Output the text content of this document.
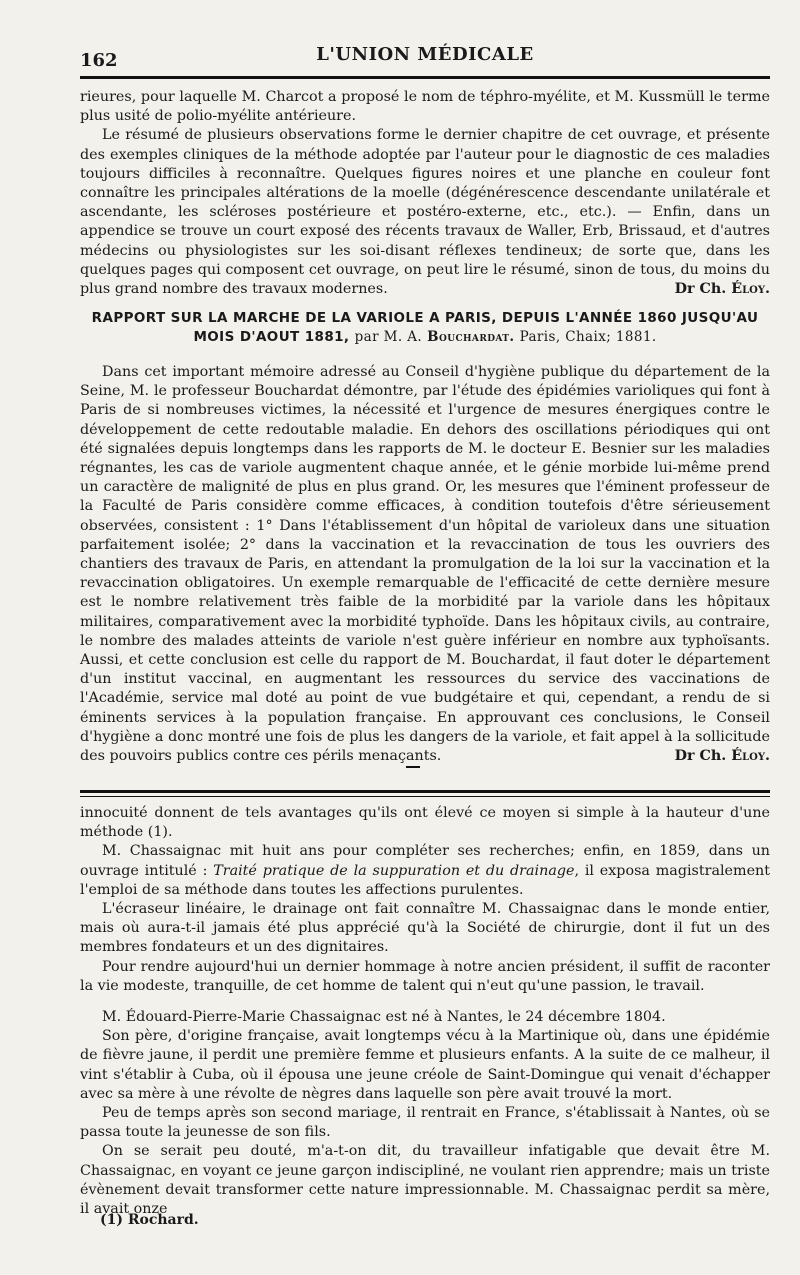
162	L'UNION MÉDICALE

rieures, pour laquelle M. Charcot a proposé le nom de téphro-myélite, et M. Kussmüll le terme plus usité de polio-myélite antérieure.

Le résumé de plusieurs observations forme le dernier chapitre de cet ouvrage, et présente des exemples cliniques de la méthode adoptée par l'auteur pour le diagnostic de ces maladies toujours difficiles à reconnaître. Quelques figures noires et une planche en couleur font connaître les principales altérations de la moelle (dégénérescence descendante unilatérale et ascendante, les scléroses postérieure et postéro-externe, etc., etc.). — Enfin, dans un appendice se trouve un court exposé des récents travaux de Waller, Erb, Brissaud, et d'autres médecins ou physiologistes sur les soi-disant réflexes tendineux; de sorte que, dans les quelques pages qui composent cet ouvrage, on peut lire le résumé, sinon de tous, du moins du plus grand nombre des travaux modernes.	Dr Ch. Éloy.
RAPPORT SUR LA MARCHE DE LA VARIOLE A PARIS, DEPUIS L'ANNÉE 1860 JUSQU'AU MOIS D'AOUT 1881, par M. A. Bouchardat. Paris, Chaix; 1881.

Dans cet important mémoire adressé au Conseil d'hygiène publique du département de la Seine, M. le professeur Bouchardat démontre, par l'étude des épidémies varioliques qui font à Paris de si nombreuses victimes, la nécessité et l'urgence de mesures énergiques contre le développement de cette redoutable maladie. En dehors des oscillations périodiques qui ont été signalées depuis longtemps dans les rapports de M. le docteur E. Besnier sur les maladies régnantes, les cas de variole augmentent chaque année, et le génie morbide lui-même prend un caractère de malignité de plus en plus grand. Or, les mesures que l'éminent professeur de la Faculté de Paris considère comme efficaces, à condition toutefois d'être sérieusement observées, consistent : 1° Dans l'établissement d'un hôpital de varioleux dans une situation parfaitement isolée; 2° dans la vaccination et la revaccination de tous les ouvriers des chantiers des travaux de Paris, en attendant la promulgation de la loi sur la vaccination et la revaccination obligatoires. Un exemple remarquable de l'efficacité de cette dernière mesure est le nombre relativement très faible de la morbidité par la variole dans les hôpitaux militaires, comparativement avec la morbidité typhoïde. Dans les hôpitaux civils, au contraire, le nombre des malades atteints de variole n'est guère inférieur en nombre aux typhoïsants. Aussi, et cette conclusion est celle du rapport de M. Bouchardat, il faut doter le département d'un institut vaccinal, en augmentant les ressources du service des vaccinations de l'Académie, service mal doté au point de vue budgétaire et qui, cependant, a rendu de si éminents services à la population française. En approuvant ces conclusions, le Conseil d'hygiène a donc montré une fois de plus les dangers de la variole, et fait appel à la sollicitude des pouvoirs publics contre ces périls menaçants.	Dr Ch. Éloy.

innocuité donnent de tels avantages qu'ils ont élevé ce moyen si simple à la hauteur d'une méthode (1).

M. Chassaignac mit huit ans pour compléter ses recherches; enfin, en 1859, dans un ouvrage intitulé : Traité pratique de la suppuration et du drainage, il exposa magistralement l'emploi de sa méthode dans toutes les affections purulentes.

L'écraseur linéaire, le drainage ont fait connaître M. Chassaignac dans le monde entier, mais où aura-t-il jamais été plus apprécié qu'à la Société de chirurgie, dont il fut un des membres fondateurs et un des dignitaires.

Pour rendre aujourd'hui un dernier hommage à notre ancien président, il suffit de raconter la vie modeste, tranquille, de cet homme de talent qui n'eut qu'une passion, le travail.

M. Édouard-Pierre-Marie Chassaignac est né à Nantes, le 24 décembre 1804.

Son père, d'origine française, avait longtemps vécu à la Martinique où, dans une épidémie de fièvre jaune, il perdit une première femme et plusieurs enfants. A la suite de ce malheur, il vint s'établir à Cuba, où il épousa une jeune créole de Saint-Domingue qui venait d'échapper avec sa mère à une révolte de nègres dans laquelle son père avait trouvé la mort.

Peu de temps après son second mariage, il rentrait en France, s'établissait à Nantes, où se passa toute la jeunesse de son fils.

On se serait peu douté, m'a-t-on dit, du travailleur infatigable que devait être M. Chassaignac, en voyant ce jeune garçon indiscipliné, ne voulant rien apprendre; mais un triste évènement devait transformer cette nature impressionnable. M. Chassaignac perdit sa mère, il avait onze

(1) Rochard.
